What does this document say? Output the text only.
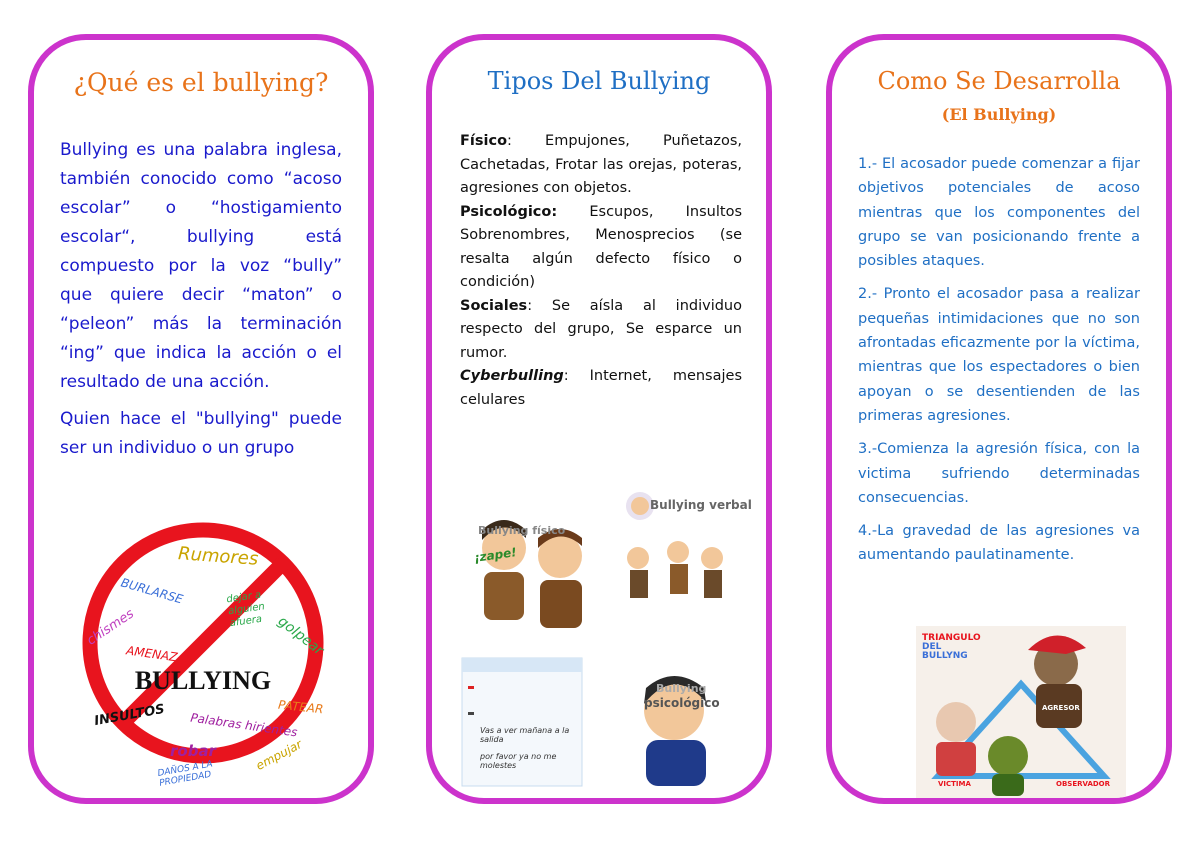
¿Qué es el bullying?

Bullying es una palabra inglesa, también conocido como “acoso escolar” o “hostigamiento escolar“, bullying está compuesto por la voz “bully” que quiere decir “maton” o “peleon” más la terminación “ing” que indica la acción o el resultado de una acción.

Quien hace el "bullying" puede ser un individuo o un grupo

Rumores
BURLARSE	dejar a alguien afuera
chismes	golpear
AMENAZAS
BULLYING
INSULTOS	PATEAR
Palabras hirientes
robar
DAÑOS A LA PROPIEDAD
empujar
Tipos Del Bullying

Físico: Empujones, Puñetazos, Cachetadas, Frotar las orejas, poteras, agresiones con objetos.

Psicológico: Escupos, Insultos Sobrenombres, Menosprecios (se resalta algún defecto físico o condición)

Sociales: Se aísla al individuo respecto del grupo, Se esparce un rumor.

Cyberbulling: Internet, mensajes celulares

Bullying físico
¡zape!
Bullying verbal
Bullying
psicológico
Vas a ver mañana a la salida
por favor ya no me molestes
Como Se Desarrolla
(El Bullying)

1.- El acosador puede comenzar a fijar objetivos potenciales de acoso mientras que los componentes del grupo se van posicionando frente a posibles ataques.

2.- Pronto el acosador pasa a realizar pequeñas intimidaciones que no son afrontadas eficazmente por la víctima, mientras que los espectadores o bien apoyan o se desentienden de las primeras agresiones.

3.-Comienza la agresión física, con la victima sufriendo determinadas consecuencias.

4.-La gravedad de las agresiones va aumentando paulatinamente.

TRIANGULO
DEL
BULLYNG
AGRESOR
VICTIMA	OBSERVADOR
